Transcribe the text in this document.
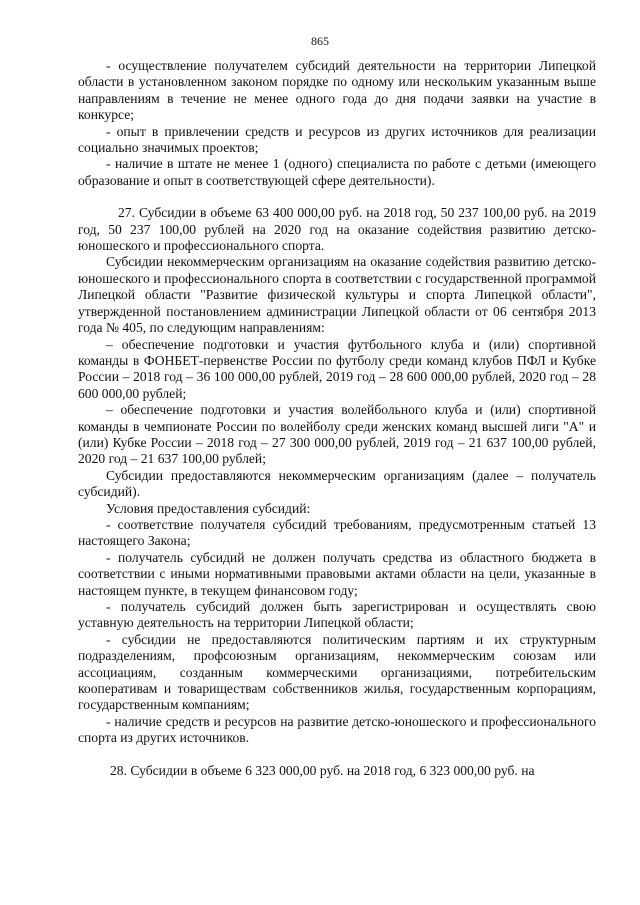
865

- осуществление получателем субсидий деятельности на территории Липецкой области в установленном законом порядке по одному или нескольким указанным выше направлениям в течение не менее одного года до дня подачи заявки на участие в конкурсе;

- опыт в привлечении средств и ресурсов из других источников для реализации социально значимых проектов;

- наличие в штате не менее 1 (одного) специалиста по работе с детьми (имеющего образование и опыт в соответствующей сфере деятельности).

27. Субсидии в объеме 63 400 000,00 руб. на 2018 год, 50 237 100,00 руб. на 2019 год, 50 237 100,00 рублей на 2020 год на оказание содействия развитию детско-юношеского и профессионального спорта.

Субсидии некоммерческим организациям на оказание содействия развитию детско-юношеского и профессионального спорта в соответствии с государственной программой Липецкой области "Развитие физической культуры и спорта Липецкой области", утвержденной постановлением администрации Липецкой области от 06 сентября 2013 года № 405, по следующим направлениям:

– обеспечение подготовки и участия футбольного клуба и (или) спортивной команды в ФОНБЕТ-первенстве России по футболу среди команд клубов ПФЛ и Кубке России – 2018 год – 36 100 000,00 рублей, 2019 год – 28 600 000,00 рублей, 2020 год – 28 600 000,00 рублей;

– обеспечение подготовки и участия волейбольного клуба и (или) спортивной команды в чемпионате России по волейболу среди женских команд высшей лиги "А" и (или) Кубке России – 2018 год – 27 300 000,00 рублей, 2019 год – 21 637 100,00 рублей, 2020 год – 21 637 100,00 рублей;

Субсидии предоставляются некоммерческим организациям (далее – получатель субсидий).

Условия предоставления субсидий:

- соответствие получателя субсидий требованиям, предусмотренным статьей 13 настоящего Закона;

- получатель субсидий не должен получать средства из областного бюджета в соответствии с иными нормативными правовыми актами области на цели, указанные в настоящем пункте, в текущем финансовом году;

- получатель субсидий должен быть зарегистрирован и осуществлять свою уставную деятельность на территории Липецкой области;

- субсидии не предоставляются политическим партиям и их структурным подразделениям, профсоюзным организациям, некоммерческим союзам или ассоциациям, созданным коммерческими организациями, потребительским кооперативам и товариществам собственников жилья, государственным корпорациям, государственным компаниям;

- наличие средств и ресурсов на развитие детско-юношеского и профессионального спорта из других источников.

28. Субсидии в объеме 6 323 000,00 руб. на 2018 год, 6 323 000,00 руб. на
